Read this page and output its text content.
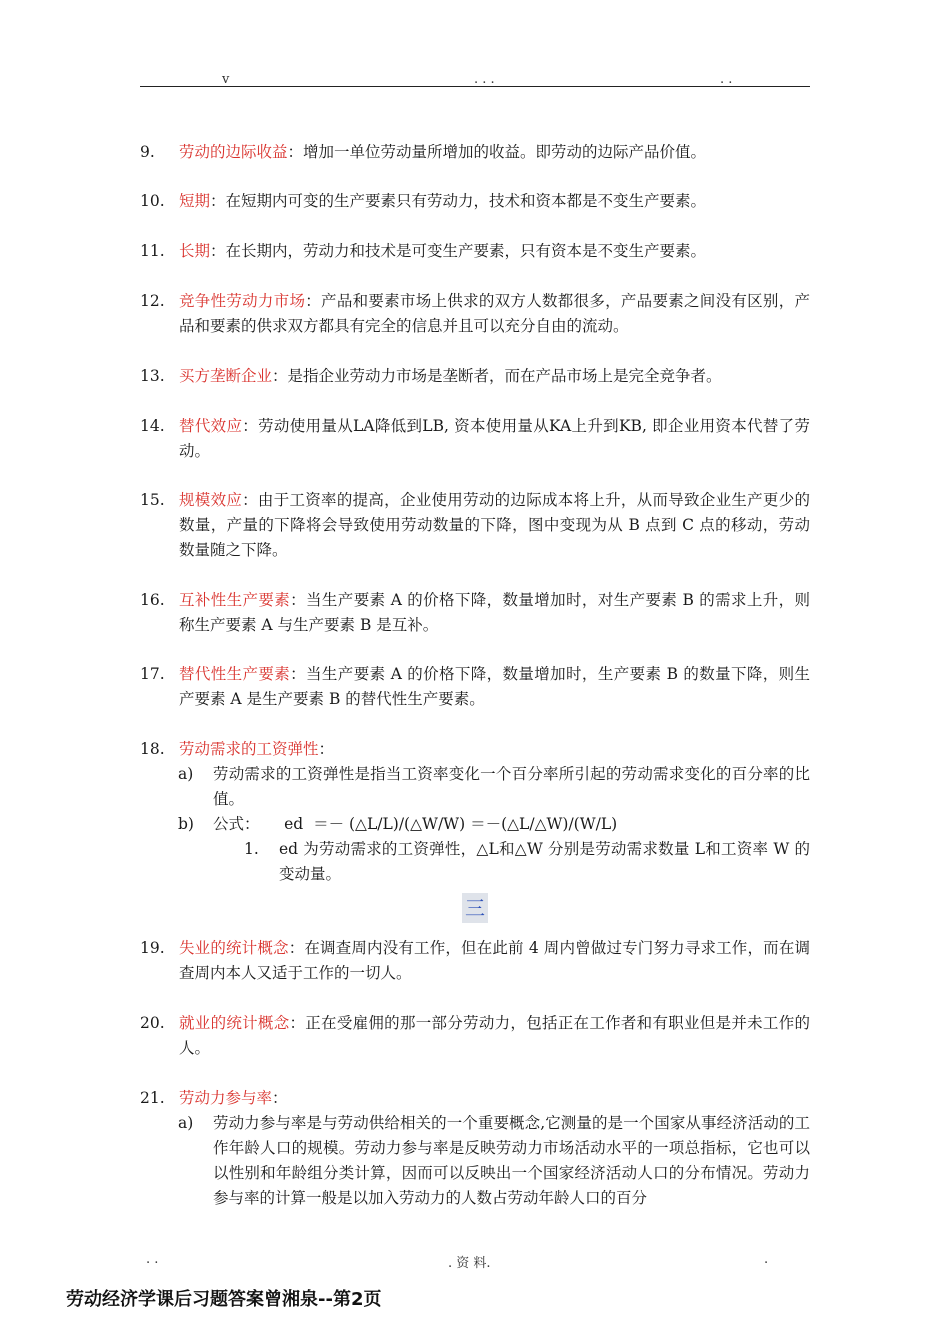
v	. . .	. .
9.	劳动的边际收益：增加一单位劳动量所增加的收益。即劳动的边际产品价值。
10. 短期：在短期内可变的生产要素只有劳动力，技术和资本都是不变生产要素。
11. 长期：在长期内，劳动力和技术是可变生产要素，只有资本是不变生产要素。
12. 竞争性劳动力市场：产品和要素市场上供求的双方人数都很多，产品要素之间没有区别，产品和要素的供求双方都具有完全的信息并且可以充分自由的流动。
13. 买方垄断企业：是指企业劳动力市场是垄断者，而在产品市场上是完全竞争者。
14. 替代效应：劳动使用量从LA降低到LB, 资本使用量从KA上升到KB, 即企业用资本代替了劳动。
15. 规模效应：由于工资率的提高，企业使用劳动的边际成本将上升，从而导致企业生产更少的数量，产量的下降将会导致使用劳动数量的下降，图中变现为从 B 点到 C 点的移动，劳动数量随之下降。
16. 互补性生产要素：当生产要素 A 的价格下降，数量增加时，对生产要素 B 的需求上升，则称生产要素 A 与生产要素 B 是互补。
17. 替代性生产要素：当生产要素 A 的价格下降，数量增加时，生产要素 B 的数量下降，则生产要素 A 是生产要素 B 的替代性生产要素。
18. 劳动需求的工资弹性：
a) 劳动需求的工资弹性是指当工资率变化一个百分率所引起的劳动需求变化的百分率的比值。
b) 公式：     ed  ＝－ (△L/L)/(△W/W) ＝－(△L/△W)/(W/L)
1. ed 为劳动需求的工资弹性，△L和△W 分别是劳动需求数量 L和工资率 W 的变动量。
三
19. 失业的统计概念：在调查周内没有工作，但在此前 4 周内曾做过专门努力寻求工作，而在调查周内本人又适于工作的一切人。
20. 就业的统计概念：正在受雇佣的那一部分劳动力，包括正在工作者和有职业但是并未工作的人。
21. 劳动力参与率：
a) 劳动力参与率是与劳动供给相关的一个重要概念,它测量的是一个国家从事经济活动的工作年龄人口的规模。劳动力参与率是反映劳动力市场活动水平的一项总指标，它也可以以性别和年龄组分类计算，因而可以反映出一个国家经济活动人口的分布情况。劳动力参与率的计算一般是以加入劳动力的人数占劳动年龄人口的百分
. .	. 资 料.	.
劳动经济学课后习题答案曾湘泉--第2页
